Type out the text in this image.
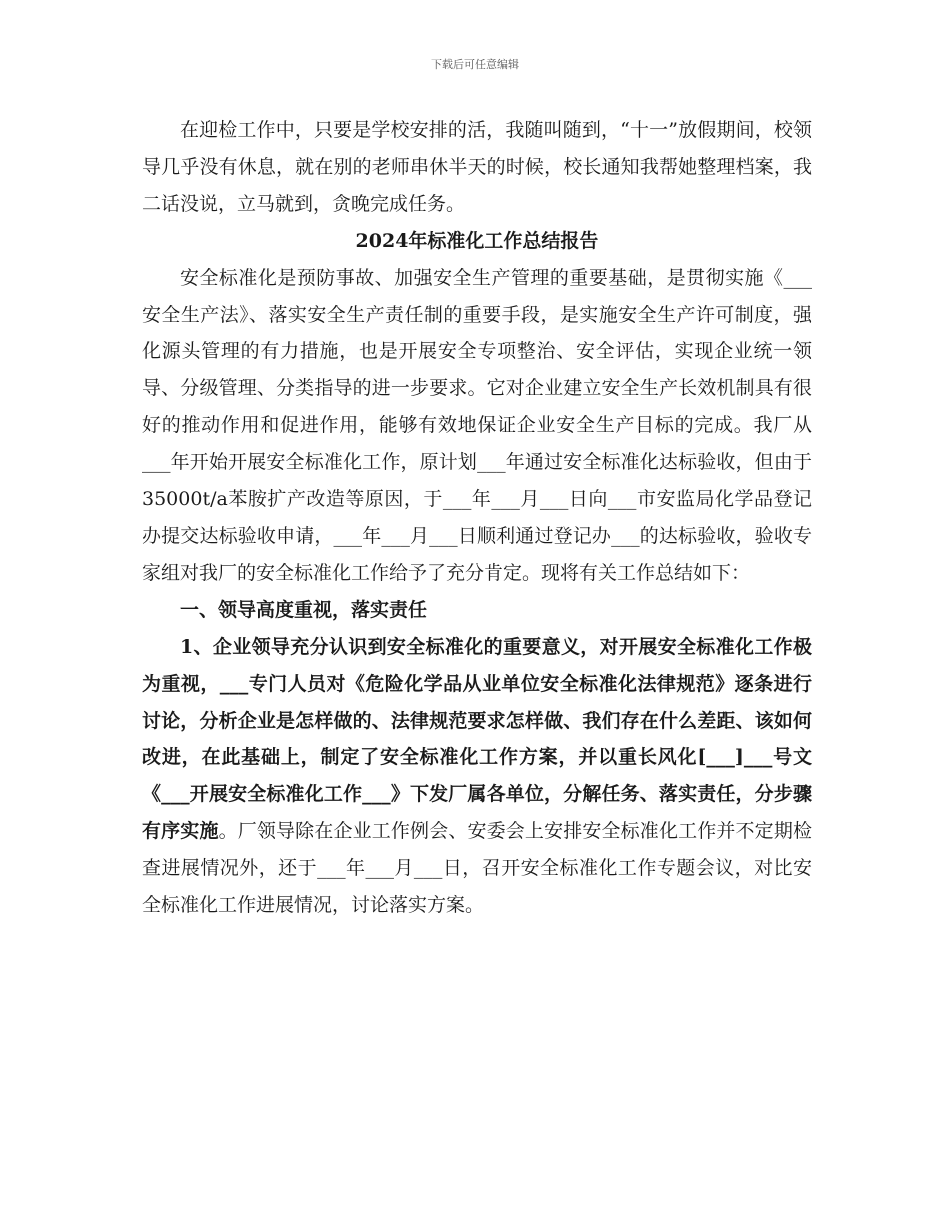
下载后可任意编辑

在迎检工作中，只要是学校安排的活，我随叫随到，“十一”放假期间，校领导几乎没有休息，就在别的老师串休半天的时候，校长通知我帮她整理档案，我二话没说，立马就到，贪晚完成任务。

2024年标准化工作总结报告

安全标准化是预防事故、加强安全生产管理的重要基础，是贯彻实施《___安全生产法》、落实安全生产责任制的重要手段，是实施安全生产许可制度，强化源头管理的有力措施，也是开展安全专项整治、安全评估，实现企业统一领导、分级管理、分类指导的进一步要求。它对企业建立安全生产长效机制具有很好的推动作用和促进作用，能够有效地保证企业安全生产目标的完成。我厂从___年开始开展安全标准化工作，原计划___年通过安全标准化达标验收，但由于35000t/a苯胺扩产改造等原因，于___年___月___日向___市安监局化学品登记办提交达标验收申请，___年___月___日顺利通过登记办___的达标验收，验收专家组对我厂的安全标准化工作给予了充分肯定。现将有关工作总结如下：

一、领导高度重视，落实责任

1、企业领导充分认识到安全标准化的重要意义，对开展安全标准化工作极为重视，___专门人员对《危险化学品从业单位安全标准化法律规范》逐条进行讨论，分析企业是怎样做的、法律规范要求怎样做、我们存在什么差距、该如何改进，在此基础上，制定了安全标准化工作方案，并以重长风化[___]___号文《___开展安全标准化工作___》下发厂属各单位，分解任务、落实责任，分步骤有序实施。厂领导除在企业工作例会、安委会上安排安全标准化工作并不定期检查进展情况外，还于___年___月___日，召开安全标准化工作专题会议，对比安全标准化工作进展情况，讨论落实方案。
